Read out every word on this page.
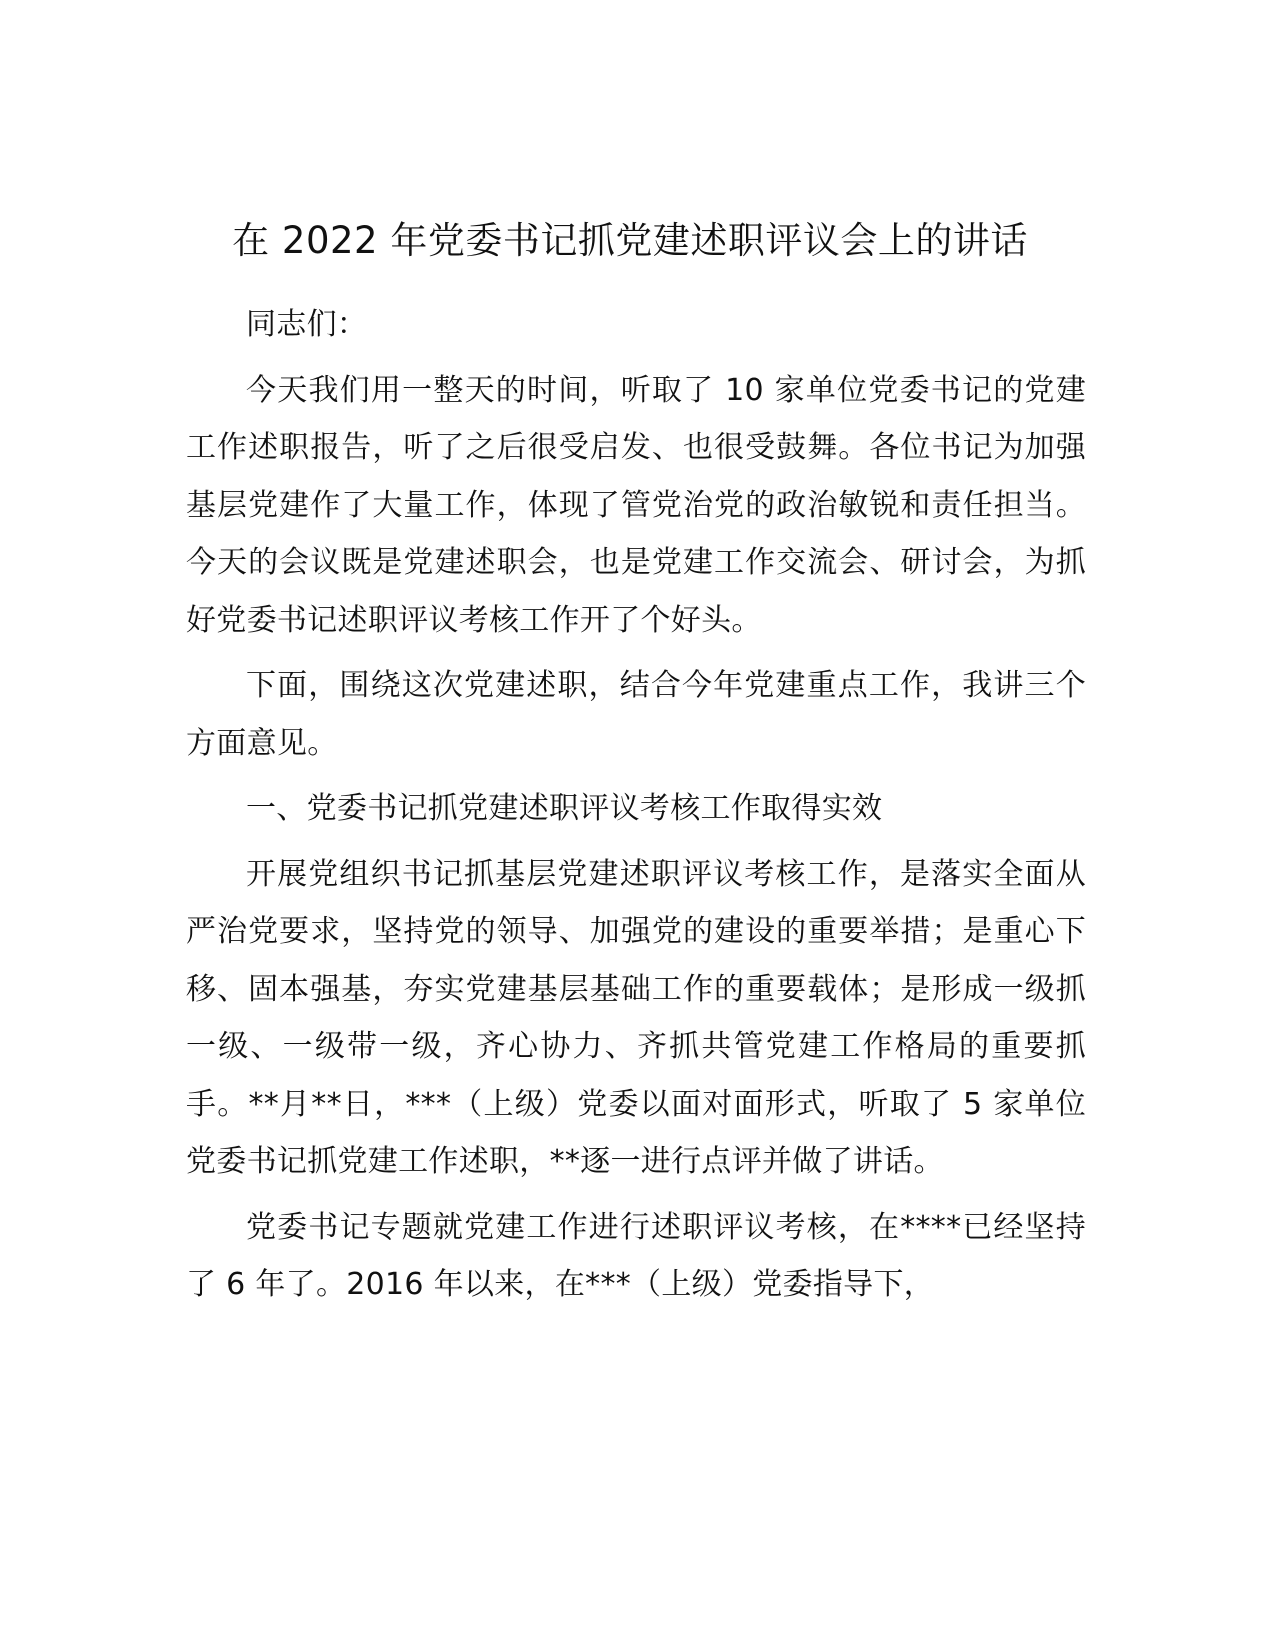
在 2022 年党委书记抓党建述职评议会上的讲话

同志们：

今天我们用一整天的时间，听取了 10 家单位党委书记的党建工作述职报告，听了之后很受启发、也很受鼓舞。各位书记为加强基层党建作了大量工作，体现了管党治党的政治敏锐和责任担当。今天的会议既是党建述职会，也是党建工作交流会、研讨会，为抓好党委书记述职评议考核工作开了个好头。

下面，围绕这次党建述职，结合今年党建重点工作，我讲三个方面意见。

一、党委书记抓党建述职评议考核工作取得实效

开展党组织书记抓基层党建述职评议考核工作，是落实全面从严治党要求，坚持党的领导、加强党的建设的重要举措；是重心下移、固本强基，夯实党建基层基础工作的重要载体；是形成一级抓一级、一级带一级，齐心协力、齐抓共管党建工作格局的重要抓手。**月**日，***（上级）党委以面对面形式，听取了 5 家单位党委书记抓党建工作述职，**逐一进行点评并做了讲话。

党委书记专题就党建工作进行述职评议考核，在****已经坚持了 6 年了。2016 年以来，在***（上级）党委指导下，
